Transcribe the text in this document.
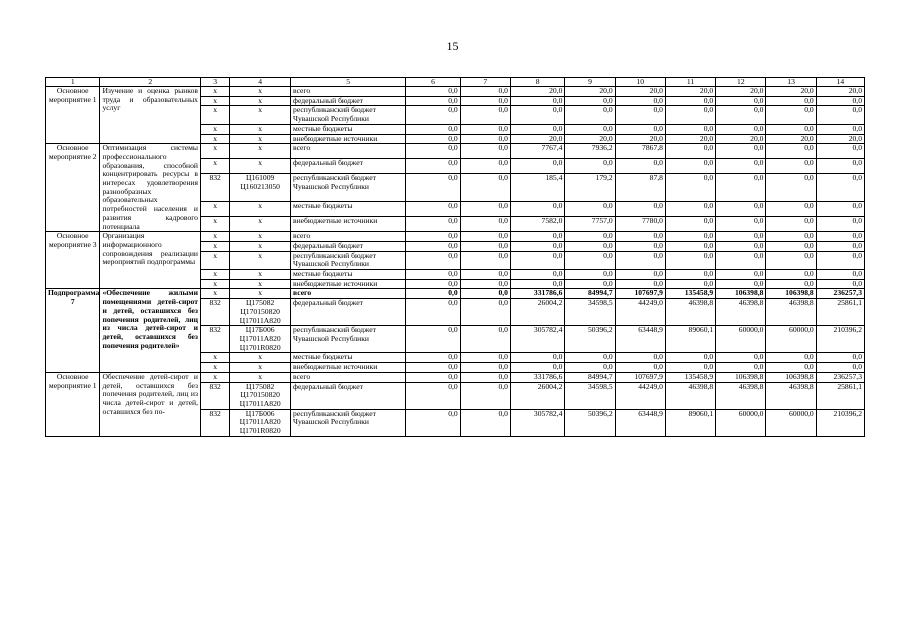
15
1	2	3	4	5	6	7	8	9	10	11	12	13	14
Основное мероприятие 1	Изучение и оценка рынков труда и образовательных услуг	x	x	всего	0,0	0,0	20,0	20,0	20,0	20,0	20,0	20,0	20,0
		x	x	федеральный бюджет	0,0	0,0	0,0	0,0	0,0	0,0	0,0	0,0	0,0
		x	x	республиканский бюджет Чувашской Республики	0,0	0,0	0,0	0,0	0,0	0,0	0,0	0,0	0,0
		x	x	местные бюджеты	0,0	0,0	0,0	0,0	0,0	0,0	0,0	0,0	0,0
		x	x	внебюджетные источники	0,0	0,0	20,0	20,0	20,0	20,0	20,0	20,0	20,0
Основное мероприятие 2	Оптимизация системы профессионального образования, способной концентрировать ресурсы в интересах удовлетворения разнообразных образовательных потребностей населения и развития кадрового потенциала	x	x	всего	0,0	0,0	7767,4	7936,2	7867,8	0,0	0,0	0,0	0,0
		x	x	федеральный бюджет	0,0	0,0	0,0	0,0	0,0	0,0	0,0	0,0	0,0
		832	Ц161009 Ц160213050	республиканский бюджет Чувашской Республики	0,0	0,0	185,4	179,2	87,8	0,0	0,0	0,0	0,0
		x	x	местные бюджеты	0,0	0,0	0,0	0,0	0,0	0,0	0,0	0,0	0,0
		x	x	внебюджетные источники	0,0	0,0	7582,0	7757,0	7780,0	0,0	0,0	0,0	0,0
Основное мероприятие 3	Организация информационного сопровождения реализации мероприятий подпрограммы	x	x	всего	0,0	0,0	0,0	0,0	0,0	0,0	0,0	0,0	0,0
		x	x	федеральный бюджет	0,0	0,0	0,0	0,0	0,0	0,0	0,0	0,0	0,0
		x	x	республиканский бюджет Чувашской Республики	0,0	0,0	0,0	0,0	0,0	0,0	0,0	0,0	0,0
		x	x	местные бюджеты	0,0	0,0	0,0	0,0	0,0	0,0	0,0	0,0	0,0
		x	x	внебюджетные источники	0,0	0,0	0,0	0,0	0,0	0,0	0,0	0,0	0,0
Подпрограмма 7	«Обеспечение жилыми помещениями детей-сирот и детей, оставшихся без попечения родителей, лиц из числа детей-сирот и детей, оставшихся без попечения родителей»	x	x	всего	0,0	0,0	331786,6	84994,7	107697,9	135458,9	106398,8	106398,8	236257,3
		832	Ц175082 Ц170150820 Ц17011А820	федеральный бюджет	0,0	0,0	26004,2	34598,5	44249,0	46398,8	46398,8	46398,8	25861,1
		832	Ц17Б006 Ц17011А820 Ц1701R0820	республиканский бюджет Чувашской Республики	0,0	0,0	305782,4	50396,2	63448,9	89060,1	60000,0	60000,0	210396,2
		x	x	местные бюджеты	0,0	0,0	0,0	0,0	0,0	0,0	0,0	0,0	0,0
		x	x	внебюджетные источники	0,0	0,0	0,0	0,0	0,0	0,0	0,0	0,0	0,0
Основное мероприятие 1	Обеспечение детей-сирот и детей, оставшихся без попечения родителей, лиц из числа детей-сирот и детей, оставшихся без по-	x	x	всего	0,0	0,0	331786,6	84994,7	107697,9	135458,9	106398,8	106398,8	236257,3
		832	Ц175082 Ц170150820 Ц17011А820	федеральный бюджет	0,0	0,0	26004,2	34598,5	44249,0	46398,8	46398,8	46398,8	25861,1
		832	Ц17Б006 Ц17011А820 Ц1701R0820	республиканский бюджет Чувашской Республики	0,0	0,0	305782,4	50396,2	63448,9	89060,1	60000,0	60000,0	210396,2
